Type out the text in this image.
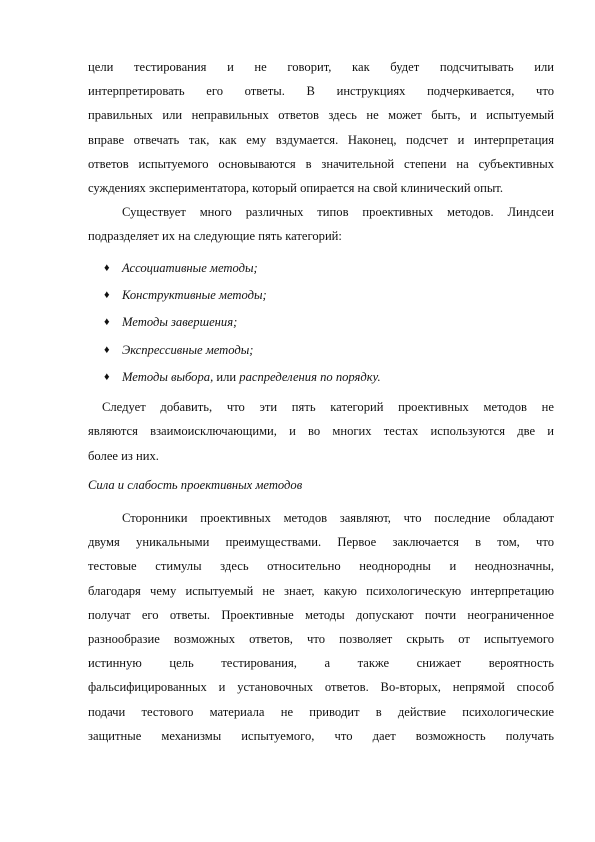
цели тестирования и не говорит, как будет подсчитывать или
интерпретировать его ответы. В инструкциях подчеркивается, что
правильных или неправильных ответов здесь не может быть, и испытуемый
вправе отвечать так, как ему вздумается. Наконец, подсчет и интерпретация
ответов испытуемого основываются в значительной степени на субъективных
суждениях экспериментатора, который опирается на свой клинический опыт.

Существует много различных типов проективных методов. Линдсеи
подразделяет их на следующие пять категорий:

♦ Ассоциативные методы;
♦ Конструктивные методы;
♦ Методы завершения;
♦ Экспрессивные методы;
♦ Методы выбора, или распределения по порядку.

Следует добавить, что эти пять категорий проективных методов не
являются взаимоисключающими, и во многих тестах используются две и
более из них.

Сила и слабость проективных методов

Сторонники проективных методов заявляют, что последние обладают
двумя уникальными преимуществами. Первое заключается в том, что
тестовые стимулы здесь относительно неоднородны и неоднозначны,
благодаря чему испытуемый не знает, какую психологическую интерпретацию
получат его ответы. Проективные методы допускают почти неограниченное
разнообразие возможных ответов, что позволяет скрыть от испытуемого
истинную цель тестирования, а также снижает вероятность
фальсифицированных и установочных ответов. Во-вторых, непрямой способ
подачи тестового материала не приводит в действие психологические
защитные механизмы испытуемого, что дает возможность получать
